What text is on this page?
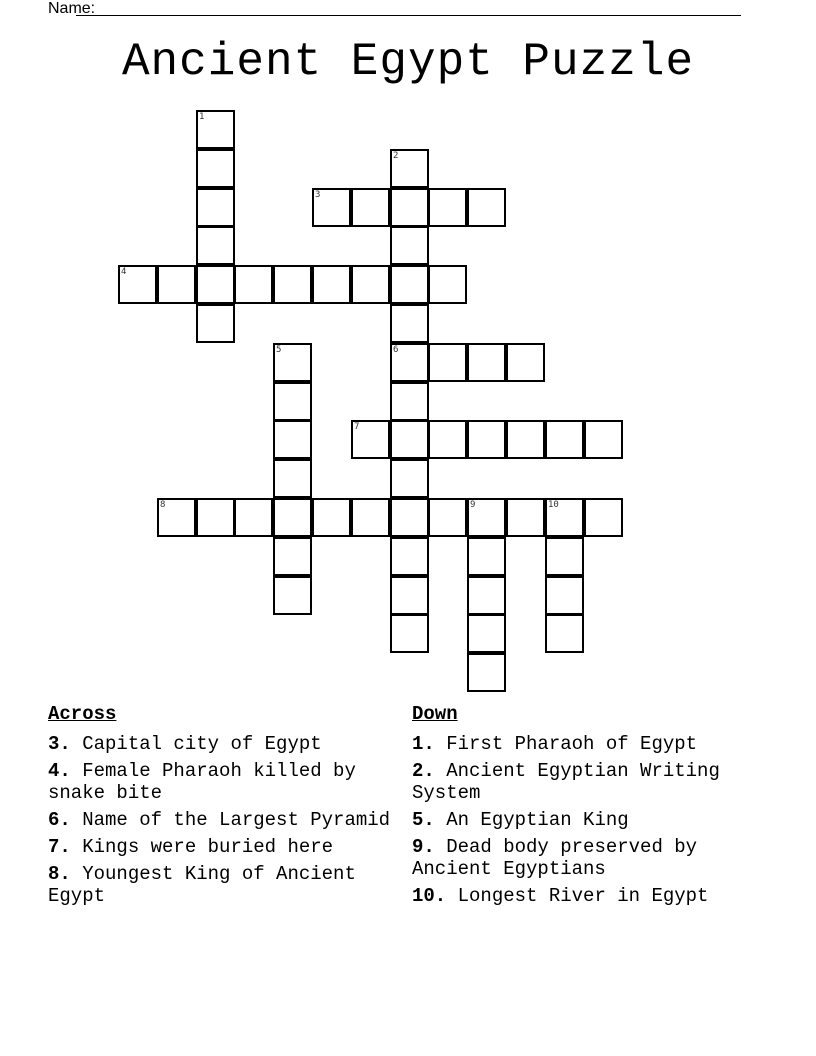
Name:
Ancient Egypt Puzzle
1
2
6
3
4
5
7
8	9	10
Across
3. Capital city of Egypt
4. Female Pharaoh killed by snake bite
6. Name of the Largest Pyramid
7. Kings were buried here
8. Youngest King of Ancient Egypt
Down
1. First Pharaoh of Egypt
2. Ancient Egyptian Writing System
5. An Egyptian King
9. Dead body preserved by Ancient Egyptians
10. Longest River in Egypt
